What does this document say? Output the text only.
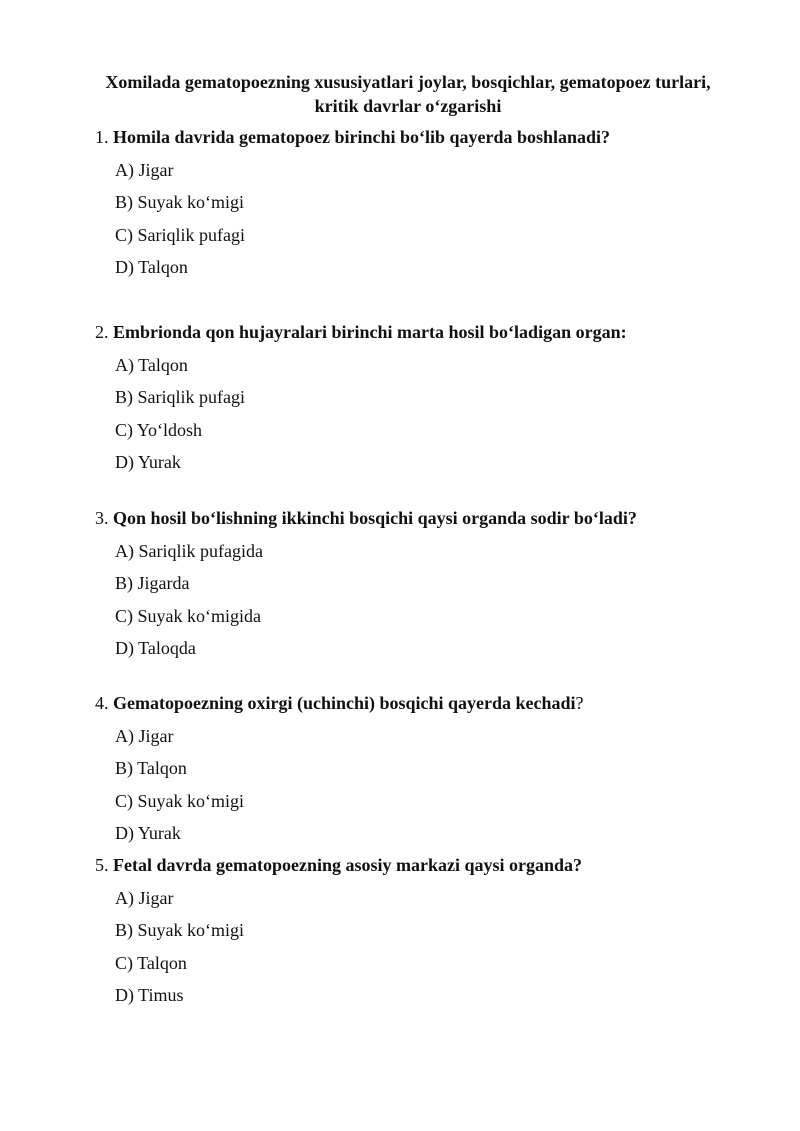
Xomilada gematopoezning xususiyatlari joylar, bosqichlar, gematopoez turlari,
kritik davrlar o‘zgarishi
1. Homila davrida gematopoez birinchi bo‘lib qayerda boshlanadi?
A) Jigar
B) Suyak ko‘migi
C) Sariqlik pufagi
D) Talqon
2. Embrionda qon hujayralari birinchi marta hosil bo‘ladigan organ:
A) Talqon
B) Sariqlik pufagi
C) Yo‘ldosh
D) Yurak
3. Qon hosil bo‘lishning ikkinchi bosqichi qaysi organda sodir bo‘ladi?
A) Sariqlik pufagida
B) Jigarda
C) Suyak ko‘migida
D) Taloqda
4. Gematopoezning oxirgi (uchinchi) bosqichi qayerda kechadi?
A) Jigar
B) Talqon
C) Suyak ko‘migi
D) Yurak
5. Fetal davrda gematopoezning asosiy markazi qaysi organda?
A) Jigar
B) Suyak ko‘migi
C) Talqon
D) Timus
